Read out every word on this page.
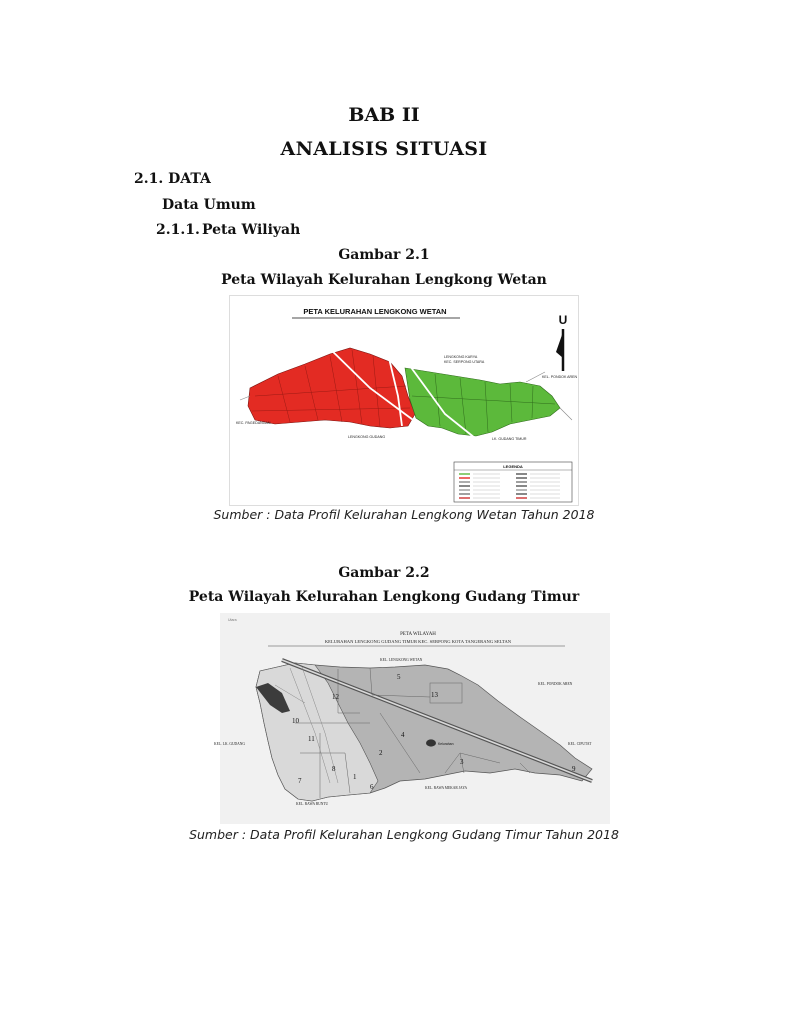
BAB II
ANALISIS SITUASI
2.1. DATA
Data Umum
2.1.1. Peta Wiliyah
Gambar 2.1
Peta Wilayah Kelurahan Lengkong Wetan
PETA KELURAHAN LENGKONG WETAN
U
LENGKONG KARYA
KEC. SERPONG UTARA
KEC. PAGEDANGAN
LENGKONG GUDANG	LK. GUDANG TIMUR
KEL. PONDOK AREN
LEGENDA
Sumber : Data Profil Kelurahan Lengkong Wetan Tahun 2018
Gambar 2.2
Peta Wilayah Kelurahan Lengkong Gudang Timur
Utara
PETA WILAYAH
KELURAHAN LENGKONG GUDANG TIMUR KEC. SERPONG KOTA TANGERANG SELTAN
Kelurahan
12
5
13
10
11	4
2
8
7
6
3
9
1
KEL. LENGKONG WETAN
KEL. PONDOK AREN
KEL. LK. GUDANG	KEL. CIPUTAT
KEL. RAWA MEKAR JAYA
KEL. RAWA BUNTU
Sumber : Data Profil Kelurahan Lengkong Gudang Timur Tahun 2018
